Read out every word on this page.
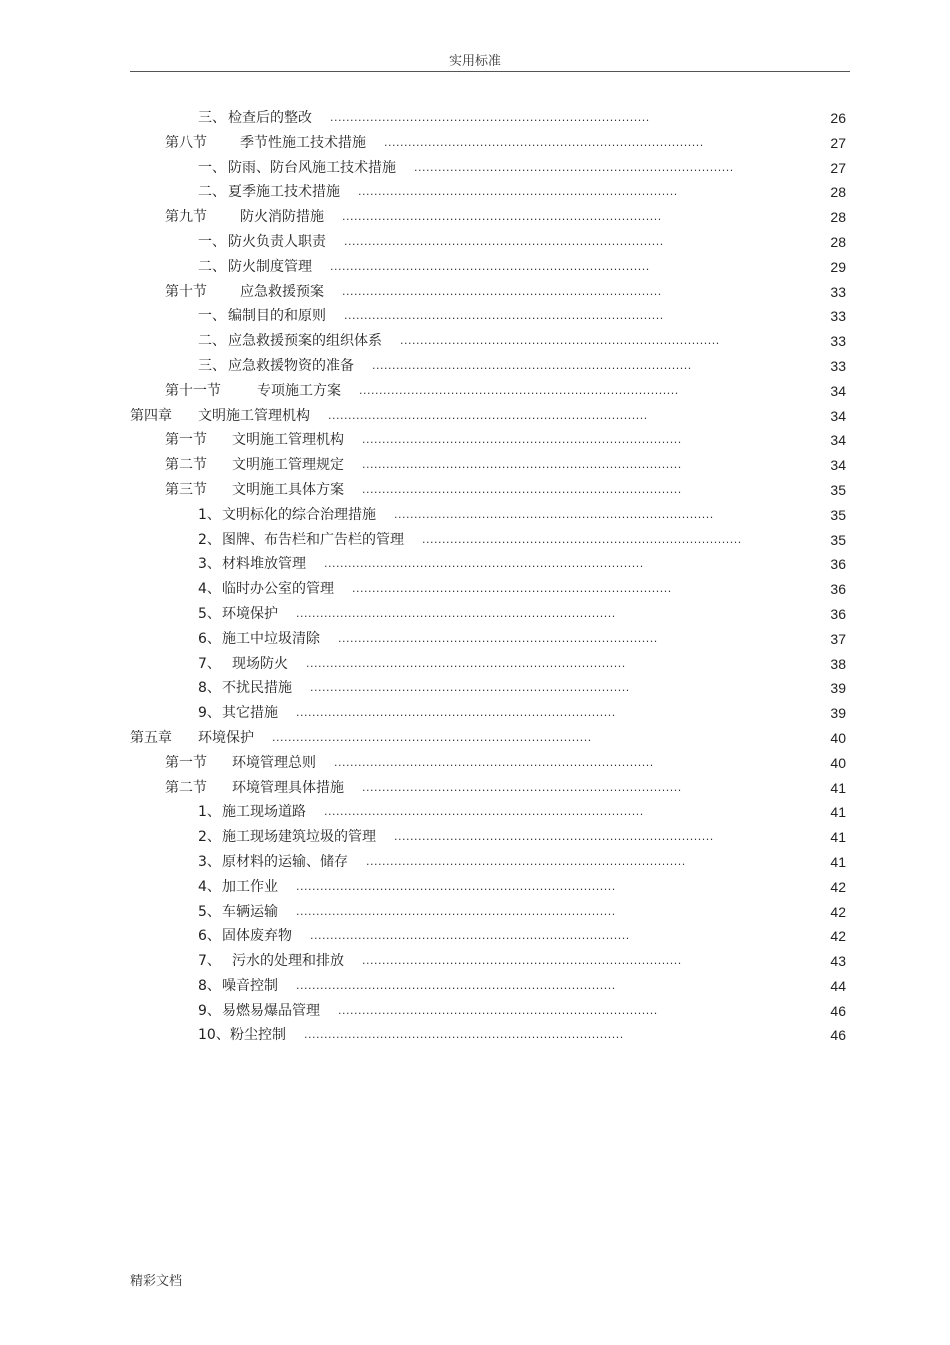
实用标准
三、 检查后的整改 ................................................................................	26
第八节 季节性施工技术措施 ................................................................................	27
一、 防雨、防台风施工技术措施 ................................................................................	27
二、 夏季施工技术措施 ................................................................................	28
第九节 防火消防措施 ................................................................................	28
一、 防火负责人职责 ................................................................................	28
二、 防火制度管理 ................................................................................	29
第十节 应急救援预案 ................................................................................	33
一、 编制目的和原则 ................................................................................	33
二、 应急救援预案的组织体系 ................................................................................	33
三、 应急救援物资的准备 ................................................................................	33
第十一节	专项施工方案 ................................................................................	34
第四章 文明施工管理机构 ................................................................................	34
第一节 文明施工管理机构 ................................................................................	34
第二节 文明施工管理规定 ................................................................................	34
第三节 文明施工具体方案 ................................................................................	35
1、 文明标化的综合治理措施 ................................................................................	35
2、 图牌、布告栏和广告栏的管理 ................................................................................	35
3、 材料堆放管理 ................................................................................	36
4、 临时办公室的管理 ................................................................................	36
5、 环境保护 ................................................................................	36
6、 施工中垃圾清除 ................................................................................	37
7、 现场防火 ................................................................................	38
8、 不扰民措施 ................................................................................	39
9、 其它措施 ................................................................................	39
第五章 环境保护 ................................................................................	40
第一节 环境管理总则 ................................................................................	40
第二节 环境管理具体措施 ................................................................................	41
1、 施工现场道路 ................................................................................	41
2、 施工现场建筑垃圾的管理 ................................................................................	41
3、 原材料的运输、储存 ................................................................................	41
4、 加工作业 ................................................................................	42
5、 车辆运输 ................................................................................	42
6、 固体废弃物 ................................................................................	42
7、 污水的处理和排放 ................................................................................	43
8、 噪音控制 ................................................................................	44
9、 易燃易爆品管理 ................................................................................	46
10、 粉尘控制 ................................................................................	46
精彩文档
